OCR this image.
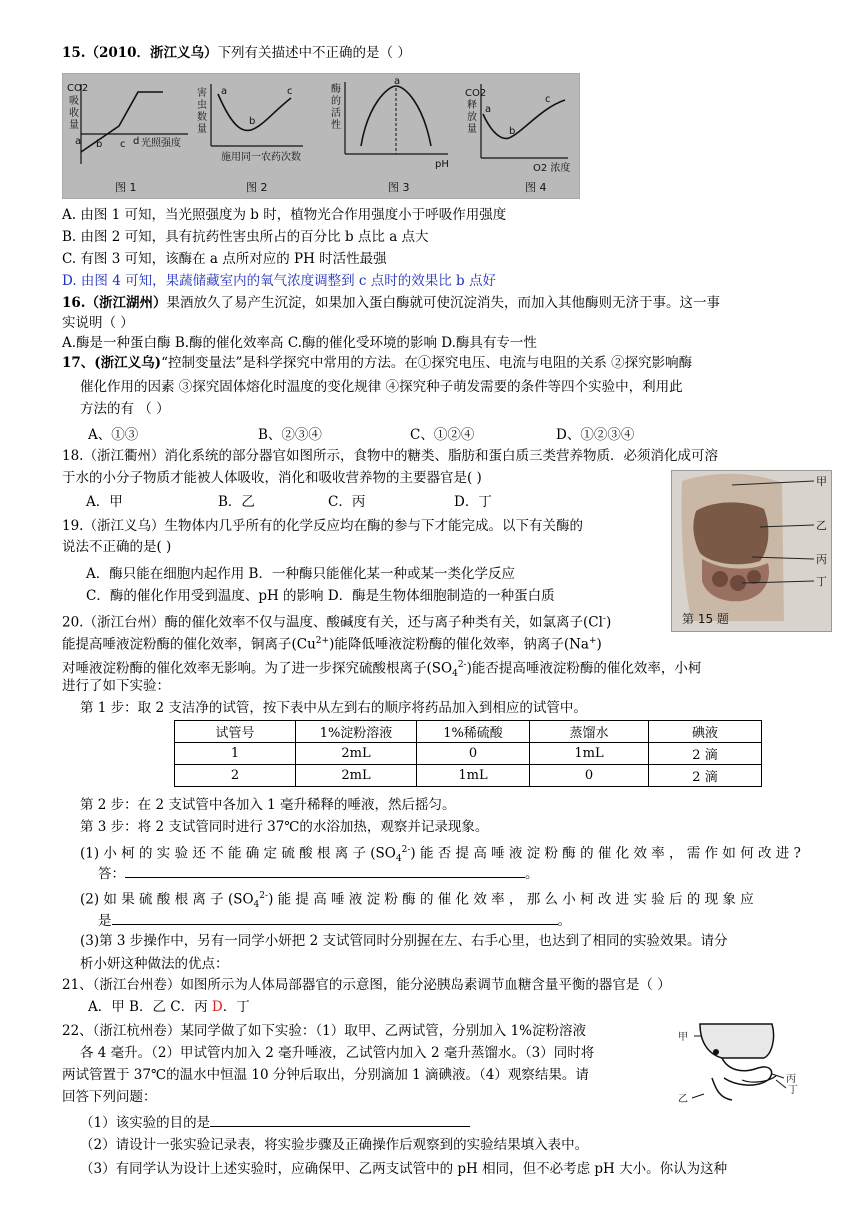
15.（2010．浙江义乌）下列有关描述中不正确的是（ ）
CO2
吸
收
量
a b c d 光照强度
图 1
害
虫
数
量
a
b
c
施用同一农药次数
图 2
酶
的
活
性
a
pH
图 3
CO2
释
放
量
a
b
c
O2 浓度
图 4
A. 由图 1 可知，当光照强度为 b 时，植物光合作用强度小于呼吸作用强度
B. 由图 2 可知，具有抗药性害虫所占的百分比 b 点比 a 点大
C. 有图 3 可知，该酶在 a 点所对应的 PH 时活性最强
D. 由图 4 可知，果蔬储藏室内的氧气浓度调整到 c 点时的效果比 b 点好
16.（浙江湖州）果酒放久了易产生沉淀，如果加入蛋白酶就可使沉淀消失，而加入其他酶则无济于事。这一事
实说明（ ）
A.酶是一种蛋白酶 B.酶的催化效率高 C.酶的催化受环境的影响 D.酶具有专一性
17、(浙江义乌)“控制变量法”是科学探究中常用的方法。在①探究电压、电流与电阻的关系 ②探究影响酶
催化作用的因素 ③探究固体熔化时温度的变化规律 ④探究种子萌发需要的条件等四个实验中，利用此
方法的有 （ ）
A、①③	B、②③④	C、①②④	D、①②③④
18.（浙江衢州）消化系统的部分器官如图所示，食物中的糖类、脂肪和蛋白质三类营养物质．必须消化成可溶
于水的小分子物质才能被人体吸收，消化和吸收营养物的主要器官是( )
A．甲	B．乙	C．丙	D．丁
甲
乙
丙
丁
第 15 题
19.（浙江义乌）生物体内几乎所有的化学反应均在酶的参与下才能完成。以下有关酶的
说法不正确的是( )
A．酶只能在细胞内起作用 B．一种酶只能催化某一种或某一类化学反应
C．酶的催化作用受到温度、pH 的影响 D．酶是生物体细胞制造的一种蛋白质
20.（浙江台州）酶的催化效率不仅与温度、酸碱度有关，还与离子种类有关，如氯离子(Cl-)
能提高唾液淀粉酶的催化效率，铜离子$(Cu^{2+})$能降低唾液淀粉酶的催化效率，钠离子(Na+)
对唾液淀粉酶的催化效率无影响。为了进一步探究硫酸根离子$(SO_4^{2-})$能否提高唾液淀粉酶的催化效率，小柯
进行了如下实验：
第 1 步：取 2 支洁净的试管，按下表中从左到右的顺序将药品加入到相应的试管中。
试管号	1%淀粉溶液	1%稀硫酸	蒸馏水	碘液
1	2mL	0	1mL	2 滴
2	2mL	1mL	0	2 滴
第 2 步：在 2 支试管中各加入 1 毫升稀释的唾液，然后摇匀。
第 3 步：将 2 支试管同时进行 37℃的水浴加热，观察并记录现象。
(1) 小 柯 的 实 验 还 不 能 确 定 硫 酸 根 离 子 $(SO_4^{2-})$ 能 否 提 高 唾 液 淀 粉 酶 的 催 化 效 率 ， 需 作 如 何 改 进 ?
答：	。
(2) 如 果 硫 酸 根 离 子 $(SO_4^{2-})$ 能 提 高 唾 液 淀 粉 酶 的 催 化 效 率 ， 那 么 小 柯 改 进 实 验 后 的 现 象 应
是	。
(3)第 3 步操作中，另有一同学小妍把 2 支试管同时分别握在左、右手心里，也达到了相同的实验效果。请分
析小妍这种做法的优点：
21、（浙江台州卷）如图所示为人体局部器官的示意图，能分泌胰岛素调节血糖含量平衡的器官是（ ）
A．甲 B．乙 C．丙 D．丁
22、（浙江杭州卷）某同学做了如下实验：（1）取甲、乙两试管，分别加入 1%淀粉溶液
各 4 毫升。（2）甲试管内加入 2 毫升唾液，乙试管内加入 2 毫升蒸馏水。（3）同时将
两试管置于 37℃的温水中恒温 10 分钟后取出，分别滴加 1 滴碘液。（4）观察结果。请
回答下列问题：
甲
丙
丁
乙
（1）该实验的目的是
（2）请设计一张实验记录表，将实验步骤及正确操作后观察到的实验结果填入表中。
（3）有同学认为设计上述实验时，应确保甲、乙两支试管中的 pH 相同，但不必考虑 pH 大小。你认为这种
